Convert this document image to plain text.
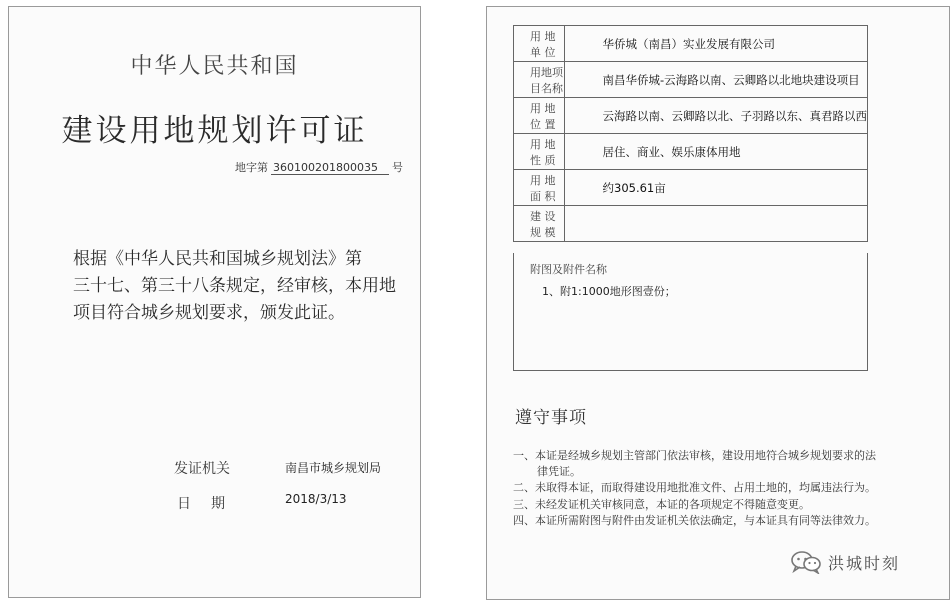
中华人民共和国
建设用地规划许可证
地字第 360100201800035 号
根据《中华人民共和国城乡规划法》第
三十七、第三十八条规定，经审核，本用地
项目符合城乡规划要求，颁发此证。
发证机关	南昌市城乡规划局
日期	2018/3/13
用 地 单 位	华侨城（南昌）实业发展有限公司
用地项目名称	南昌华侨城-云海路以南、云卿路以北地块建设项目
用 地 位 置	云海路以南、云卿路以北、子羽路以东、真君路以西
用 地 性 质	居住、商业、娱乐康体用地
用 地 面 积	约305.61亩
建 设 规 模	
附图及附件名称
1、附1:1000地形图壹份；
遵守事项
一、本证是经城乡规划主管部门依法审核，建设用地符合城乡规划要求的法律凭证。
二、未取得本证，而取得建设用地批准文件、占用土地的，均属违法行为。
三、未经发证机关审核同意，本证的各项规定不得随意变更。
四、本证所需附图与附件由发证机关依法确定，与本证具有同等法律效力。
洪城时刻
